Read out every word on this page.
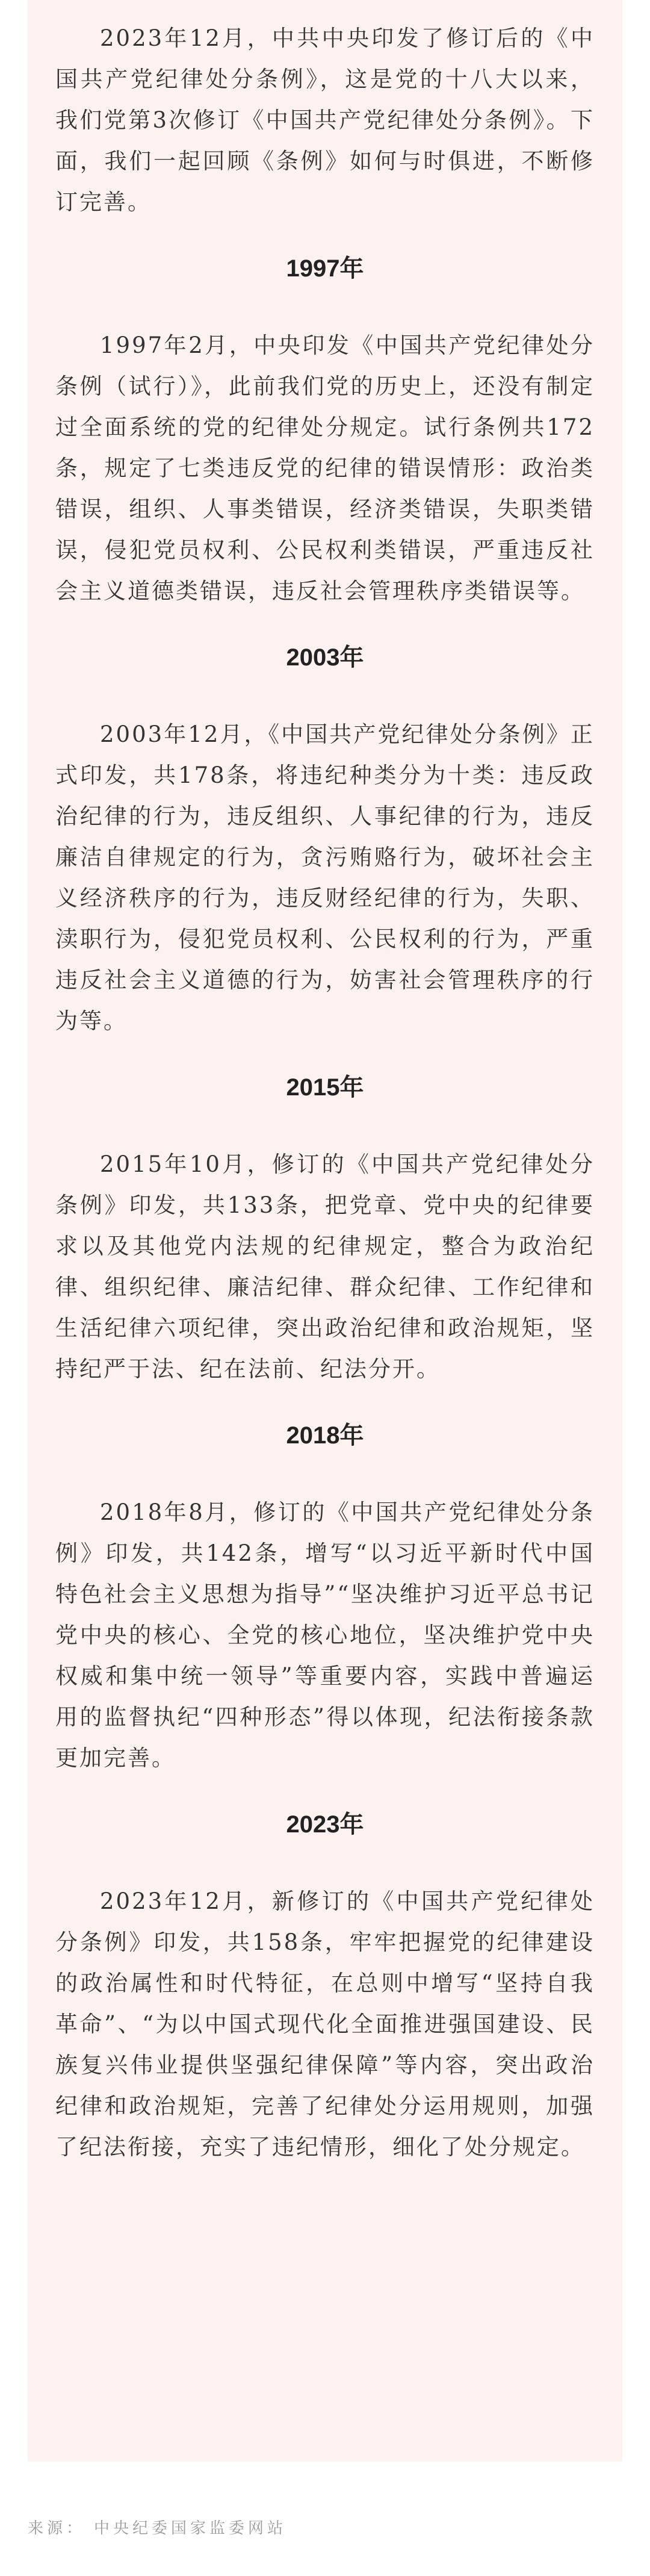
2023年12月，中共中央印发了修订后的《中国共产党纪律处分条例》，这是党的十八大以来，我们党第3次修订《中国共产党纪律处分条例》。下面，我们一起回顾《条例》如何与时俱进，不断修订完善。

1997年

1997年2月，中央印发《中国共产党纪律处分条例（试行）》，此前我们党的历史上，还没有制定过全面系统的党的纪律处分规定。试行条例共172条，规定了七类违反党的纪律的错误情形：政治类错误，组织、人事类错误，经济类错误，失职类错误，侵犯党员权利、公民权利类错误，严重违反社会主义道德类错误，违反社会管理秩序类错误等。

2003年

2003年12月，《中国共产党纪律处分条例》正式印发，共178条，将违纪种类分为十类：违反政治纪律的行为，违反组织、人事纪律的行为，违反廉洁自律规定的行为，贪污贿赂行为，破坏社会主义经济秩序的行为，违反财经纪律的行为，失职、渎职行为，侵犯党员权利、公民权利的行为，严重违反社会主义道德的行为，妨害社会管理秩序的行为等。

2015年

2015年10月，修订的《中国共产党纪律处分条例》印发，共133条，把党章、党中央的纪律要求以及其他党内法规的纪律规定，整合为政治纪律、组织纪律、廉洁纪律、群众纪律、工作纪律和生活纪律六项纪律，突出政治纪律和政治规矩，坚持纪严于法、纪在法前、纪法分开。

2018年

2018年8月，修订的《中国共产党纪律处分条例》印发，共142条，增写“以习近平新时代中国特色社会主义思想为指导”“坚决维护习近平总书记党中央的核心、全党的核心地位，坚决维护党中央权威和集中统一领导”等重要内容，实践中普遍运用的监督执纪“四种形态”得以体现，纪法衔接条款更加完善。

2023年

2023年12月，新修订的《中国共产党纪律处分条例》印发，共158条，牢牢把握党的纪律建设的政治属性和时代特征，在总则中增写“坚持自我革命”、“为以中国式现代化全面推进强国建设、民族复兴伟业提供坚强纪律保障”等内容，突出政治纪律和政治规矩，完善了纪律处分运用规则，加强了纪法衔接，充实了违纪情形，细化了处分规定。

来源： 中央纪委国家监委网站
